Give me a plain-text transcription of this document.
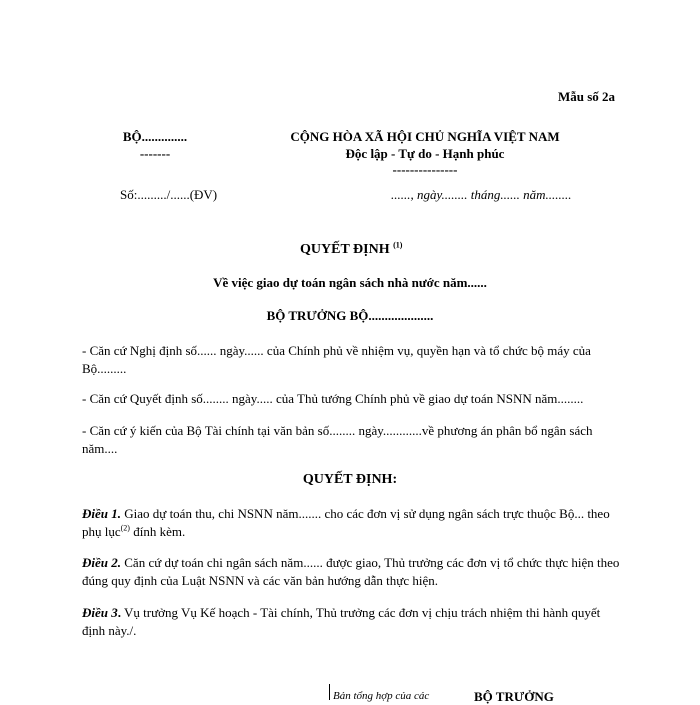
Mẫu số 2a
BỘ..............
-------
CỘNG HÒA XÃ HỘI CHỦ NGHĨA VIỆT NAM
Độc lập - Tự do - Hạnh phúc
---------------
Số:........./......(ĐV)	......, ngày........ tháng...... năm........
QUYẾT ĐỊNH $^{(1)}$
Về việc giao dự toán ngân sách nhà nước năm......
BỘ TRƯỞNG BỘ....................
- Căn cứ Nghị định số...... ngày...... của Chính phủ về nhiệm vụ, quyền hạn và tổ chức bộ máy của Bộ.........
- Căn cứ Quyết định số........ ngày..... của Thủ tướng Chính phủ về giao dự toán NSNN năm........
- Căn cứ ý kiến của Bộ Tài chính tại văn bản số........ ngày............về phương án phân bổ ngân sách năm....
QUYẾT ĐỊNH:
Điều 1. Giao dự toán thu, chi NSNN năm....... cho các đơn vị sử dụng ngân sách trực thuộc Bộ... theo phụ lục$^{(2)}$ đính kèm.
Điều 2. Căn cứ dự toán chi ngân sách năm...... được giao, Thủ trưởng các đơn vị tổ chức thực hiện theo đúng quy định của Luật NSNN và các văn bản hướng dẫn thực hiện.
Điều 3. Vụ trưởng Vụ Kế hoạch - Tài chính, Thủ trưởng các đơn vị chịu trách nhiệm thi hành quyết định này./.
Bản tổng hợp của các	BỘ TRƯỞNG
